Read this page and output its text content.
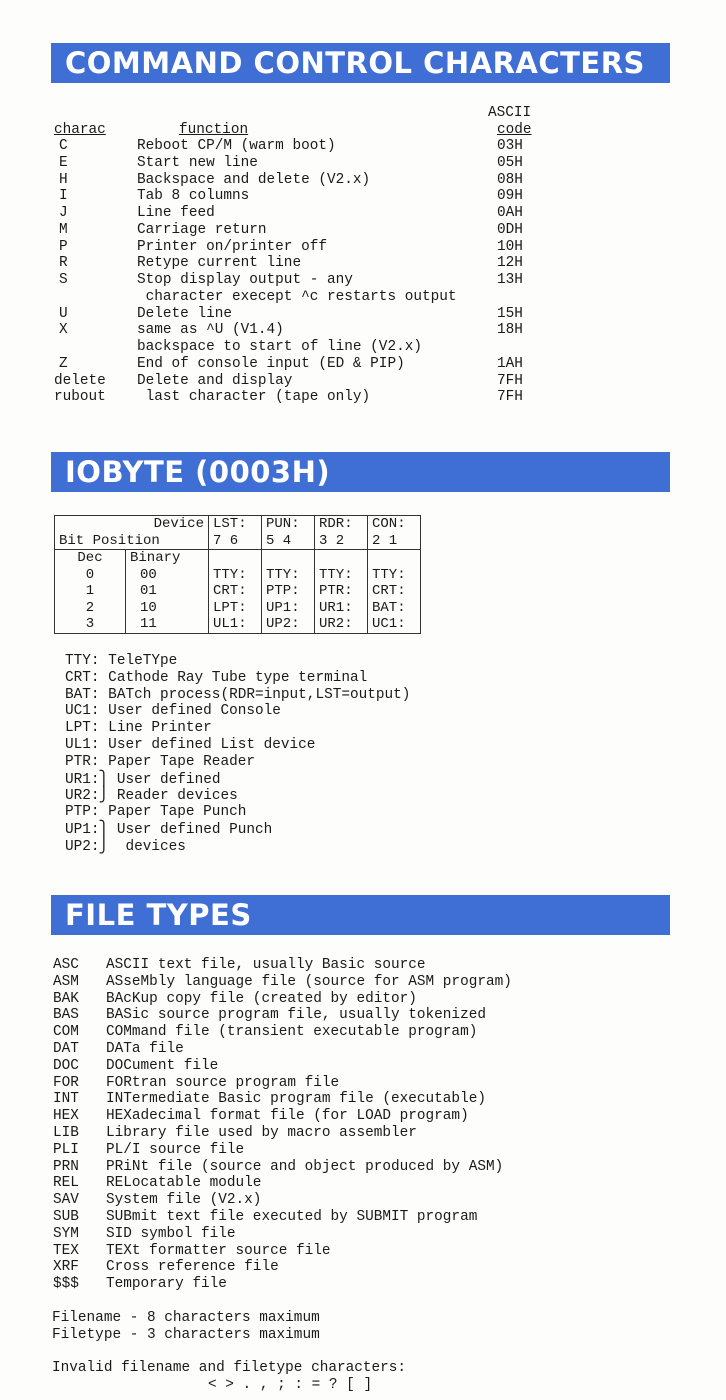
COMMAND CONTROL CHARACTERS
ASCII
charac	function	code
C	Reboot CP/M (warm boot)	03H
E	Start new line	05H
H	Backspace and delete (V2.x)	08H
I	Tab 8 columns	09H
J	Line feed	0AH
M	Carriage return	0DH
P	Printer on/printer off	10H
R	Retype current line	12H
S	Stop display output - any	13H
character execept ^c restarts output
U	Delete line	15H
X	same as ^U (V1.4)	18H
backspace to start of line (V2.x)
Z	End of console input (ED & PIP)	1AH
delete Delete and display	7FH
rubout last character (tape only)	7FH
IOBYTE (0003H)
Device		LST:	PUN:	RDR:	CON:
Bit Position		7 6	5 4	3 2	2 1
Dec	Binary				
0	00	TTY:	TTY:	TTY:	TTY:
1	01	CRT:	PTP:	PTR:	CRT:
2	10	LPT:	UP1:	UR1:	BAT:
3	11	UL1:	UP2:	UR2:	UC1:
TTY: TeleTYpe
CRT: Cathode Ray Tube type terminal
BAT: BATch process(RDR=input,LST=output)
UC1: User defined Console
LPT: Line Printer
UL1: User defined List device
PTR: Paper Tape Reader
UR1:⎫ User defined
UR2:⎭ Reader devices
PTP: Paper Tape Punch
UP1:⎫ User defined Punch
UP2:⎭  devices
FILE TYPES
ASC ASCII text file, usually Basic source
ASM ASseMbly language file (source for ASM program)
BAK BAcKup copy file (created by editor)
BAS BASic source program file, usually tokenized
COM COMmand file (transient executable program)
DAT DATa file
DOC DOCument file
FOR FORtran source program file
INT INTermediate Basic program file (executable)
HEX HEXadecimal format file (for LOAD program)
LIB Library file used by macro assembler
PLI PL/I source file
PRN PRiNt file (source and object produced by ASM)
REL RELocatable module
SAV System file (V2.x)
SUB SUBmit text file executed by SUBMIT program
SYM SID symbol file
TEX TEXt formatter source file
XRF Cross reference file
$$$ Temporary file
Filename - 8 characters maximum
Filetype - 3 characters maximum
Invalid filename and filetype characters:
< > . , ; : = ? [ ]
